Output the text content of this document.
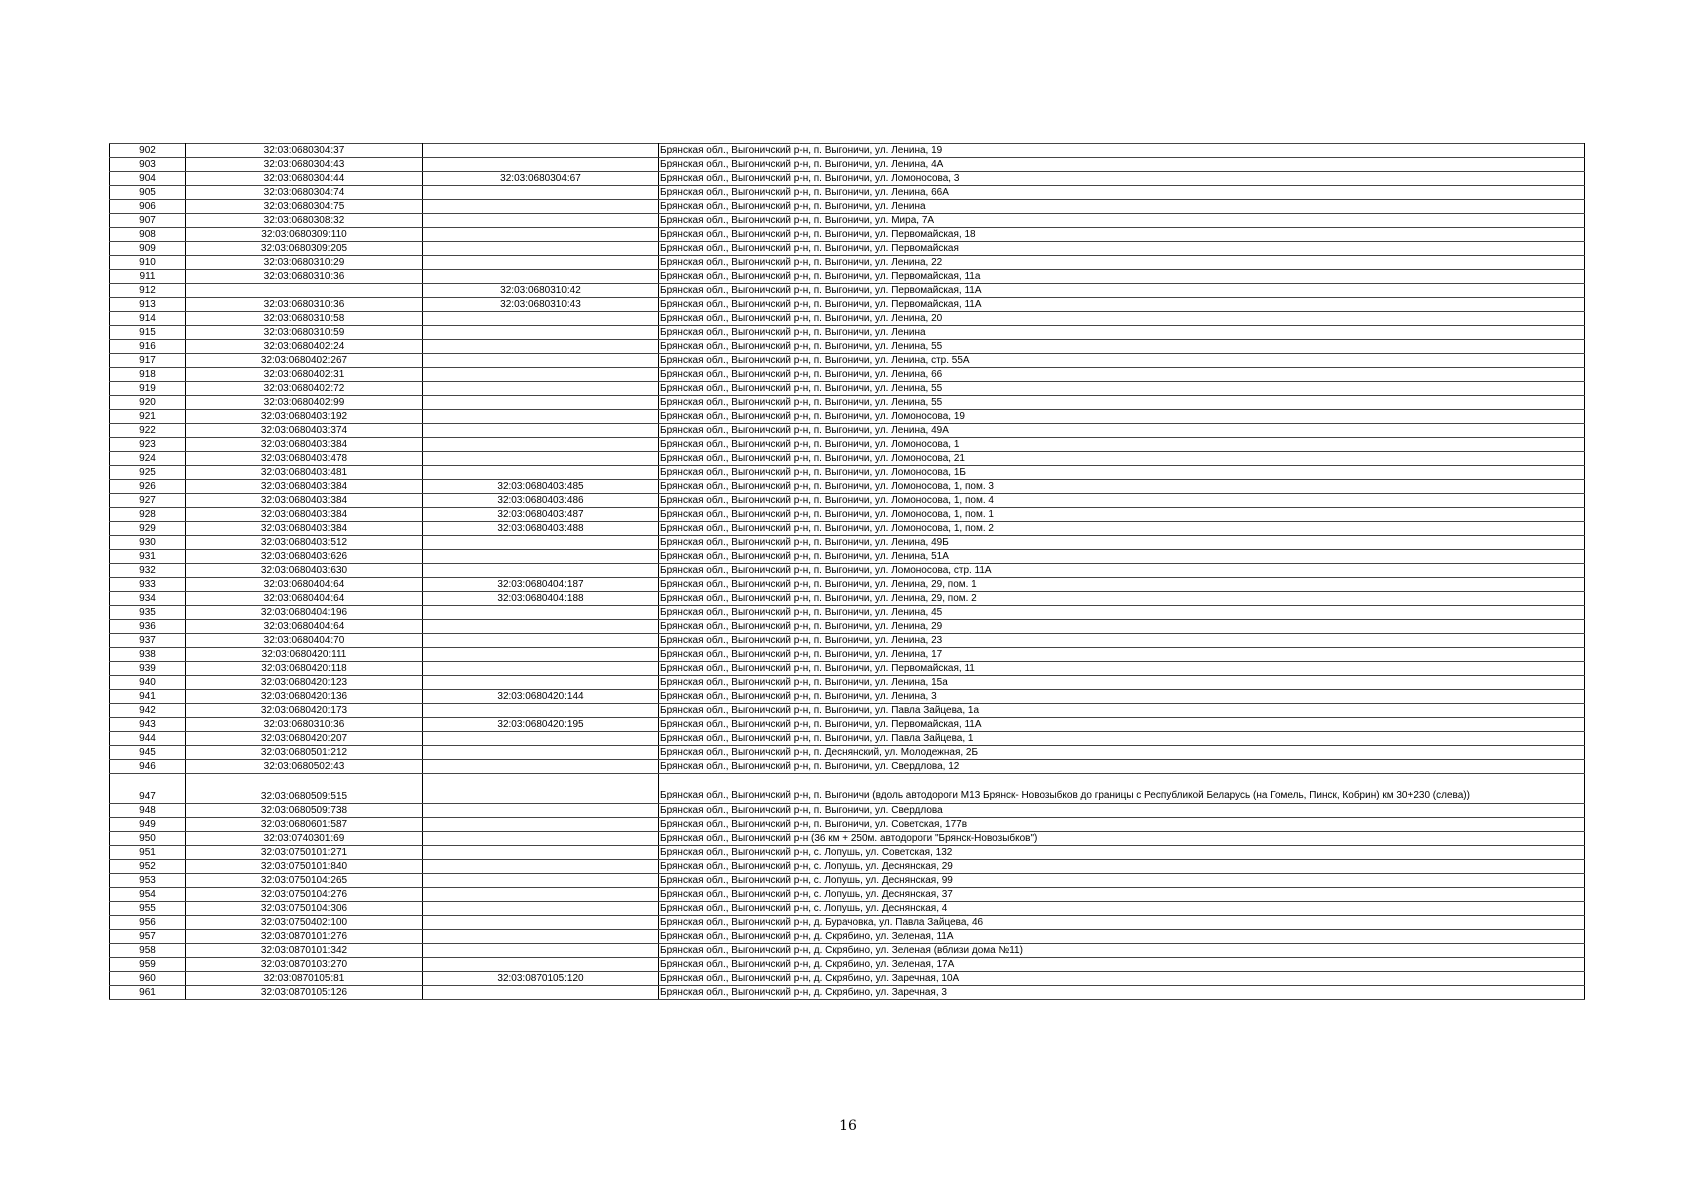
902	32:03:0680304:37		Брянская обл., Выгоничский р-н, п. Выгоничи, ул. Ленина, 19
903	32:03:0680304:43		Брянская обл., Выгоничский р-н, п. Выгоничи, ул. Ленина, 4А
904	32:03:0680304:44	32:03:0680304:67	Брянская обл., Выгоничский р-н, п. Выгоничи, ул. Ломоносова, 3
905	32:03:0680304:74		Брянская обл., Выгоничский р-н, п. Выгоничи, ул. Ленина, 66А
906	32:03:0680304:75		Брянская обл., Выгоничский р-н, п. Выгоничи, ул. Ленина
907	32:03:0680308:32		Брянская обл., Выгоничский р-н, п. Выгоничи, ул. Мира, 7А
908	32:03:0680309:110		Брянская обл., Выгоничский р-н, п. Выгоничи, ул. Первомайская, 18
909	32:03:0680309:205		Брянская обл., Выгоничский р-н, п. Выгоничи, ул. Первомайская
910	32:03:0680310:29		Брянская обл., Выгоничский р-н, п. Выгоничи, ул. Ленина, 22
911	32:03:0680310:36		Брянская обл., Выгоничский р-н, п. Выгоничи, ул. Первомайская, 11а
912		32:03:0680310:42	Брянская обл., Выгоничский р-н, п. Выгоничи, ул. Первомайская, 11А
913	32:03:0680310:36	32:03:0680310:43	Брянская обл., Выгоничский р-н, п. Выгоничи, ул. Первомайская, 11А
914	32:03:0680310:58		Брянская обл., Выгоничский р-н, п. Выгоничи, ул. Ленина, 20
915	32:03:0680310:59		Брянская обл., Выгоничский р-н, п. Выгоничи, ул. Ленина
916	32:03:0680402:24		Брянская обл., Выгоничский р-н, п. Выгоничи, ул. Ленина, 55
917	32:03:0680402:267		Брянская обл., Выгоничский р-н, п. Выгоничи, ул. Ленина, стр. 55А
918	32:03:0680402:31		Брянская обл., Выгоничский р-н, п. Выгоничи, ул. Ленина, 66
919	32:03:0680402:72		Брянская обл., Выгоничский р-н, п. Выгоничи, ул. Ленина, 55
920	32:03:0680402:99		Брянская обл., Выгоничский р-н, п. Выгоничи, ул. Ленина, 55
921	32:03:0680403:192		Брянская обл., Выгоничский р-н, п. Выгоничи, ул. Ломоносова, 19
922	32:03:0680403:374		Брянская обл., Выгоничский р-н, п. Выгоничи, ул. Ленина, 49А
923	32:03:0680403:384		Брянская обл., Выгоничский р-н, п. Выгоничи, ул. Ломоносова, 1
924	32:03:0680403:478		Брянская обл., Выгоничский р-н, п. Выгоничи, ул. Ломоносова, 21
925	32:03:0680403:481		Брянская обл., Выгоничский р-н, п. Выгоничи, ул. Ломоносова, 1Б
926	32:03:0680403:384	32:03:0680403:485	Брянская обл., Выгоничский р-н, п. Выгоничи, ул. Ломоносова, 1, пом. 3
927	32:03:0680403:384	32:03:0680403:486	Брянская обл., Выгоничский р-н, п. Выгоничи, ул. Ломоносова, 1, пом. 4
928	32:03:0680403:384	32:03:0680403:487	Брянская обл., Выгоничский р-н, п. Выгоничи, ул. Ломоносова, 1, пом. 1
929	32:03:0680403:384	32:03:0680403:488	Брянская обл., Выгоничский р-н, п. Выгоничи, ул. Ломоносова, 1, пом. 2
930	32:03:0680403:512		Брянская обл., Выгоничский р-н, п. Выгоничи, ул. Ленина, 49Б
931	32:03:0680403:626		Брянская обл., Выгоничский р-н, п. Выгоничи, ул. Ленина, 51А
932	32:03:0680403:630		Брянская обл., Выгоничский р-н, п. Выгоничи, ул. Ломоносова, стр. 11А
933	32:03:0680404:64	32:03:0680404:187	Брянская обл., Выгоничский р-н, п. Выгоничи, ул. Ленина, 29, пом. 1
934	32:03:0680404:64	32:03:0680404:188	Брянская обл., Выгоничский р-н, п. Выгоничи, ул. Ленина, 29, пом. 2
935	32:03:0680404:196		Брянская обл., Выгоничский р-н, п. Выгоничи, ул. Ленина, 45
936	32:03:0680404:64		Брянская обл., Выгоничский р-н, п. Выгоничи, ул. Ленина, 29
937	32:03:0680404:70		Брянская обл., Выгоничский р-н, п. Выгоничи, ул. Ленина, 23
938	32:03:0680420:111		Брянская обл., Выгоничский р-н, п. Выгоничи, ул. Ленина, 17
939	32:03:0680420:118		Брянская обл., Выгоничский р-н, п. Выгоничи, ул. Первомайская, 11
940	32:03:0680420:123		Брянская обл., Выгоничский р-н, п. Выгоничи, ул. Ленина, 15а
941	32:03:0680420:136	32:03:0680420:144	Брянская обл., Выгоничский р-н, п. Выгоничи, ул. Ленина, 3
942	32:03:0680420:173		Брянская обл., Выгоничский р-н, п. Выгоничи, ул. Павла Зайцева, 1а
943	32:03:0680310:36	32:03:0680420:195	Брянская обл., Выгоничский р-н, п. Выгоничи, ул. Первомайская, 11А
944	32:03:0680420:207		Брянская обл., Выгоничский р-н, п. Выгоничи, ул. Павла Зайцева, 1
945	32:03:0680501:212		Брянская обл., Выгоничский р-н, п. Деснянский, ул. Молодежная, 2Б
946	32:03:0680502:43		Брянская обл., Выгоничский р-н, п. Выгоничи, ул. Свердлова, 12
947	32:03:0680509:515		Брянская обл., Выгоничский р-н, п. Выгоничи (вдоль автодороги М13 Брянск- Новозыбков до границы с Республикой Беларусь (на Гомель, Пинск, Кобрин) км 30+230 (слева))
948	32:03:0680509:738		Брянская обл., Выгоничский р-н, п. Выгоничи, ул. Свердлова
949	32:03:0680601:587		Брянская обл., Выгоничский р-н, п. Выгоничи, ул. Советская, 177в
950	32:03:0740301:69		Брянская обл., Выгоничский р-н (36 км + 250м. автодороги "Брянск-Новозыбков")
951	32:03:0750101:271		Брянская обл., Выгоничский р-н, с. Лопушь, ул. Советская, 132
952	32:03:0750101:840		Брянская обл., Выгоничский р-н, с. Лопушь, ул. Деснянская, 29
953	32:03:0750104:265		Брянская обл., Выгоничский р-н, с. Лопушь, ул. Деснянская, 99
954	32:03:0750104:276		Брянская обл., Выгоничский р-н, с. Лопушь, ул. Деснянская, 37
955	32:03:0750104:306		Брянская обл., Выгоничский р-н, с. Лопушь, ул. Деснянская, 4
956	32:03:0750402:100		Брянская обл., Выгоничский р-н, д. Бурачовка, ул. Павла Зайцева, 46
957	32:03:0870101:276		Брянская обл., Выгоничский р-н, д. Скрябино, ул. Зеленая, 11А
958	32:03:0870101:342		Брянская обл., Выгоничский р-н, д. Скрябино, ул. Зеленая (вблизи дома №11)
959	32:03:0870103:270		Брянская обл., Выгоничский р-н, д. Скрябино, ул. Зеленая, 17А
960	32:03:0870105:81	32:03:0870105:120	Брянская обл., Выгоничский р-н, д. Скрябино, ул. Заречная, 10А
961	32:03:0870105:126		Брянская обл., Выгоничский р-н, д. Скрябино, ул. Заречная, 3
16
